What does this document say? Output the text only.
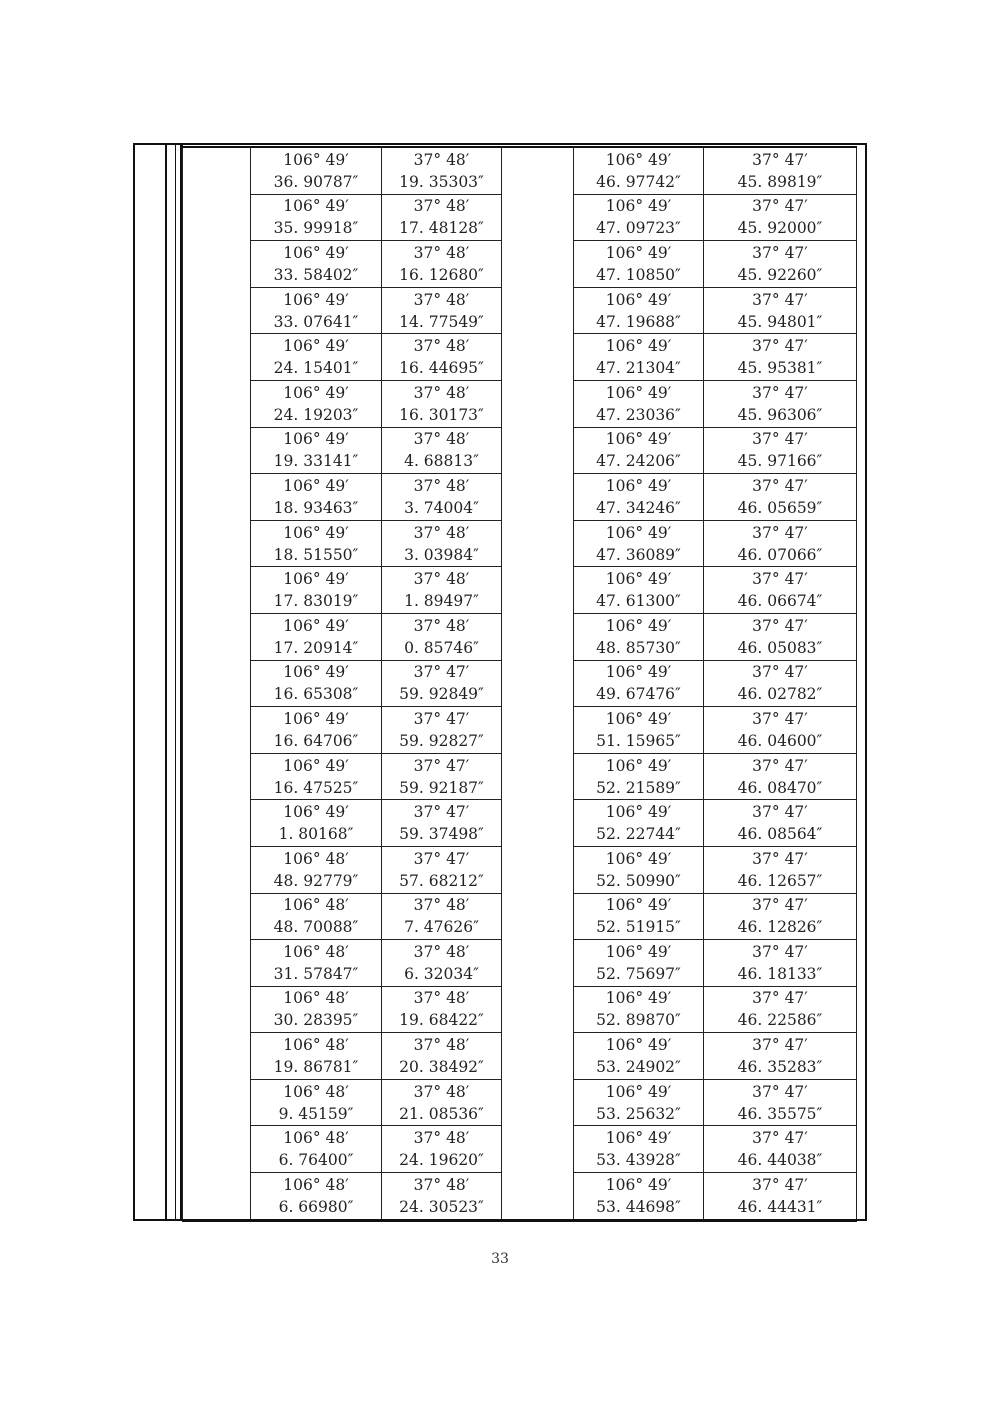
	106° 49′
36. 90787″	37° 48′
19. 35303″		106° 49′
46. 97742″	37° 47′
45. 89819″

	106° 49′
35. 99918″	37° 48′
17. 48128″		106° 49′
47. 09723″	37° 47′
45. 92000″

	106° 49′
33. 58402″	37° 48′
16. 12680″		106° 49′
47. 10850″	37° 47′
45. 92260″

	106° 49′
33. 07641″	37° 48′
14. 77549″		106° 49′
47. 19688″	37° 47′
45. 94801″

	106° 49′
24. 15401″	37° 48′
16. 44695″		106° 49′
47. 21304″	37° 47′
45. 95381″

	106° 49′
24. 19203″	37° 48′
16. 30173″		106° 49′
47. 23036″	37° 47′
45. 96306″

	106° 49′
19. 33141″	37° 48′
4. 68813″		106° 49′
47. 24206″	37° 47′
45. 97166″

	106° 49′
18. 93463″	37° 48′
3. 74004″		106° 49′
47. 34246″	37° 47′
46. 05659″

	106° 49′
18. 51550″	37° 48′
3. 03984″		106° 49′
47. 36089″	37° 47′
46. 07066″

	106° 49′
17. 83019″	37° 48′
1. 89497″		106° 49′
47. 61300″	37° 47′
46. 06674″

	106° 49′
17. 20914″	37° 48′
0. 85746″		106° 49′
48. 85730″	37° 47′
46. 05083″

	106° 49′
16. 65308″	37° 47′
59. 92849″		106° 49′
49. 67476″	37° 47′
46. 02782″

	106° 49′
16. 64706″	37° 47′
59. 92827″		106° 49′
51. 15965″	37° 47′
46. 04600″

	106° 49′
16. 47525″	37° 47′
59. 92187″		106° 49′
52. 21589″	37° 47′
46. 08470″

	106° 49′
1. 80168″	37° 47′
59. 37498″		106° 49′
52. 22744″	37° 47′
46. 08564″

	106° 48′
48. 92779″	37° 47′
57. 68212″		106° 49′
52. 50990″	37° 47′
46. 12657″

	106° 48′
48. 70088″	37° 48′
7. 47626″		106° 49′
52. 51915″	37° 47′
46. 12826″

	106° 48′
31. 57847″	37° 48′
6. 32034″		106° 49′
52. 75697″	37° 47′
46. 18133″

	106° 48′
30. 28395″	37° 48′
19. 68422″		106° 49′
52. 89870″	37° 47′
46. 22586″

	106° 48′
19. 86781″	37° 48′
20. 38492″		106° 49′
53. 24902″	37° 47′
46. 35283″

	106° 48′
9. 45159″	37° 48′
21. 08536″		106° 49′
53. 25632″	37° 47′
46. 35575″

	106° 48′
6. 76400″	37° 48′
24. 19620″		106° 49′
53. 43928″	37° 47′
46. 44038″

	106° 48′
6. 66980″	37° 48′
24. 30523″		106° 49′
53. 44698″	37° 47′
46. 44431″
33
